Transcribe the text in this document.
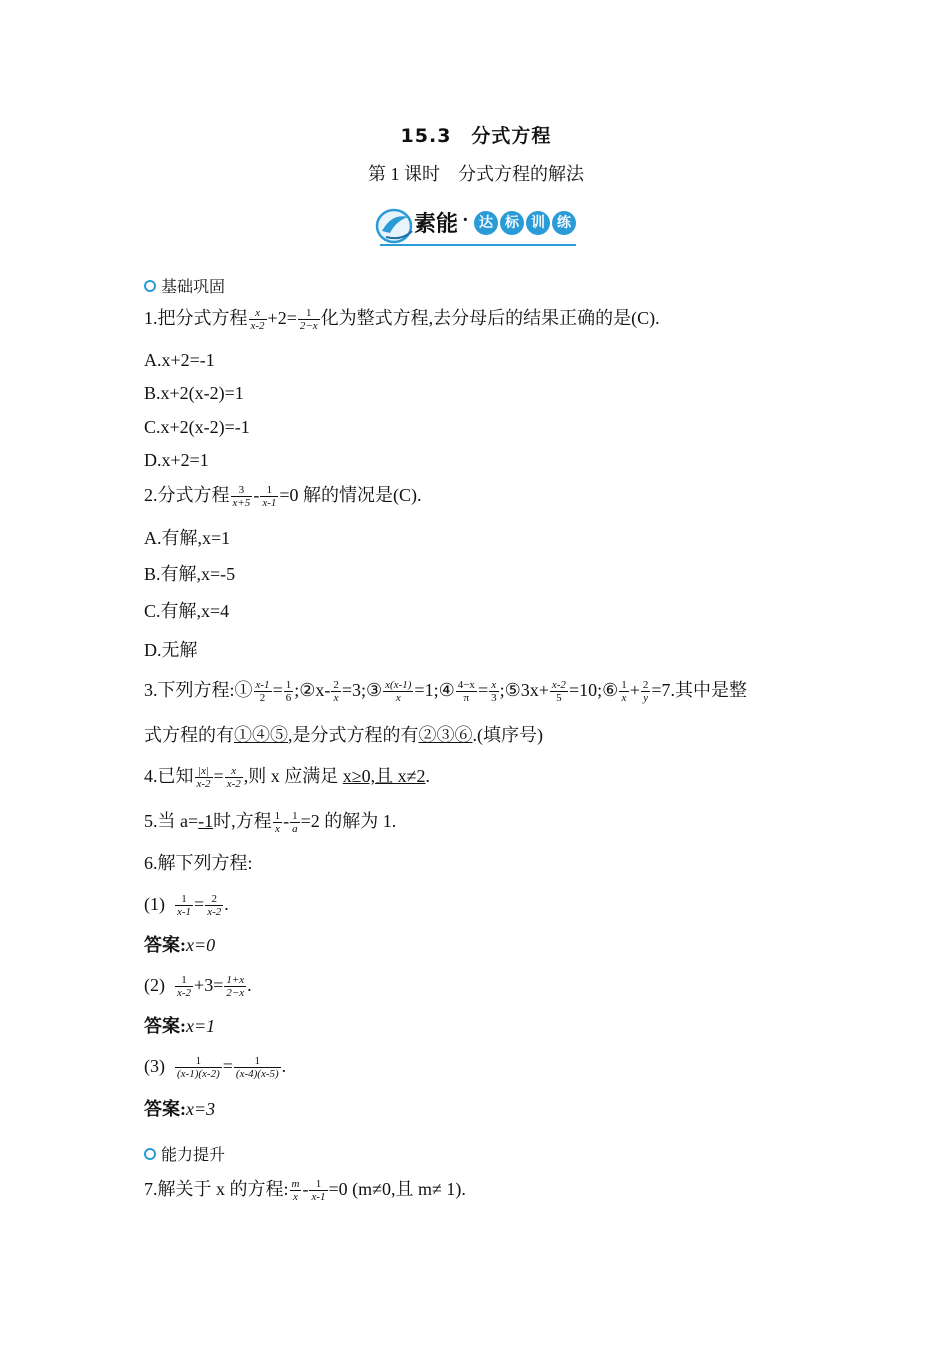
15.3　分式方程
第 1 课时　分式方程的解法
素能 · 达 标 训 练
基础巩固
1.把分式方程 $\frac{x}{x-2} +2= \frac{1}{2-x}$ 化为整式方程,去分母后的结果正确的是(C).
A.x+2=-1
B.x+2(x-2)=1
C.x+2(x-2)=-1
D.x+2=1
2.分式方程 $\frac{3}{x+5} - \frac{1}{x-1} =0$ 解的情况是(C).
A.有解,x=1
B.有解,x=-5
C.有解,x=4
D.无解
3.下列方程:① $\frac{x-1}{2} = \frac{1}{6}$ ;②x- $\frac{2}{x}$ =3;③ $\frac{x(x-1)}{x}$ =1;④ $\frac{4-x}{\pi} = \frac{x}{3}$ ;⑤3x+ $\frac{x-2}{5}$ =10;⑥ $\frac{1}{x} + \frac{2}{y} =7$.其中是整
式方程的有①④⑤,是分式方程的有②③⑥.(填序号)
4.已知 $\frac{|x|}{x-2} = \frac{x}{x-2}$ ,则 x 应满足 x≥0,且 x≠2.
5.当 a=-1时,方程 $\frac{1}{x} - \frac{1}{a} =2$ 的解为 1.
6.解下列方程:
$(1) \frac{1}{x-1} = \frac{2}{x-2}$ .
答案:x=0
$(2) \frac{1}{x-2} +3= \frac{1+x}{2-x}$ .
答案:x=1
$(3) \frac{1}{(x-1)(x-2)} = \frac{1}{(x-4)(x-5)}$ .
答案:x=3
能力提升
7.解关于 x 的方程: $\frac{m}{x} - \frac{1}{x-1} =0$ (m≠0,且 m≠ 1).
